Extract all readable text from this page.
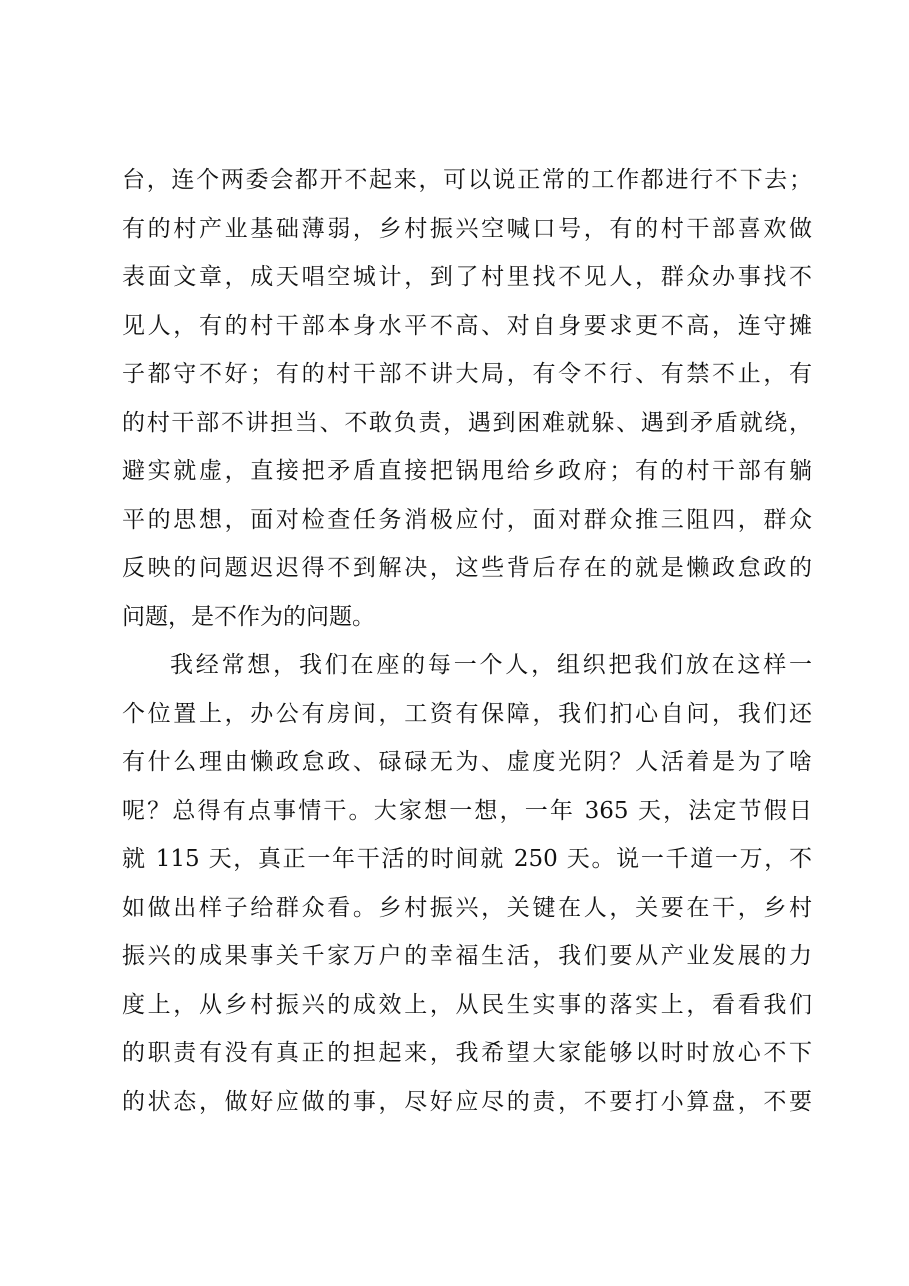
台，连个两委会都开不起来，可以说正常的工作都进行不下去；
有的村产业基础薄弱，乡村振兴空喊口号，有的村干部喜欢做
表面文章，成天唱空城计，到了村里找不见人，群众办事找不
见人，有的村干部本身水平不高、对自身要求更不高，连守摊
子都守不好；有的村干部不讲大局，有令不行、有禁不止，有
的村干部不讲担当、不敢负责，遇到困难就躲、遇到矛盾就绕，
避实就虚，直接把矛盾直接把锅甩给乡政府；有的村干部有躺
平的思想，面对检查任务消极应付，面对群众推三阻四，群众
反映的问题迟迟得不到解决，这些背后存在的就是懒政怠政的
问题，是不作为的问题。
我经常想，我们在座的每一个人，组织把我们放在这样一
个位置上，办公有房间，工资有保障，我们扪心自问，我们还
有什么理由懒政怠政、碌碌无为、虚度光阴？人活着是为了啥
呢？总得有点事情干。大家想一想，一年 365 天，法定节假日
就 115 天，真正一年干活的时间就 250 天。说一千道一万，不
如做出样子给群众看。乡村振兴，关键在人，关要在干，乡村
振兴的成果事关千家万户的幸福生活，我们要从产业发展的力
度上，从乡村振兴的成效上，从民生实事的落实上，看看我们
的职责有没有真正的担起来，我希望大家能够以时时放心不下
的状态，做好应做的事，尽好应尽的责，不要打小算盘，不要
